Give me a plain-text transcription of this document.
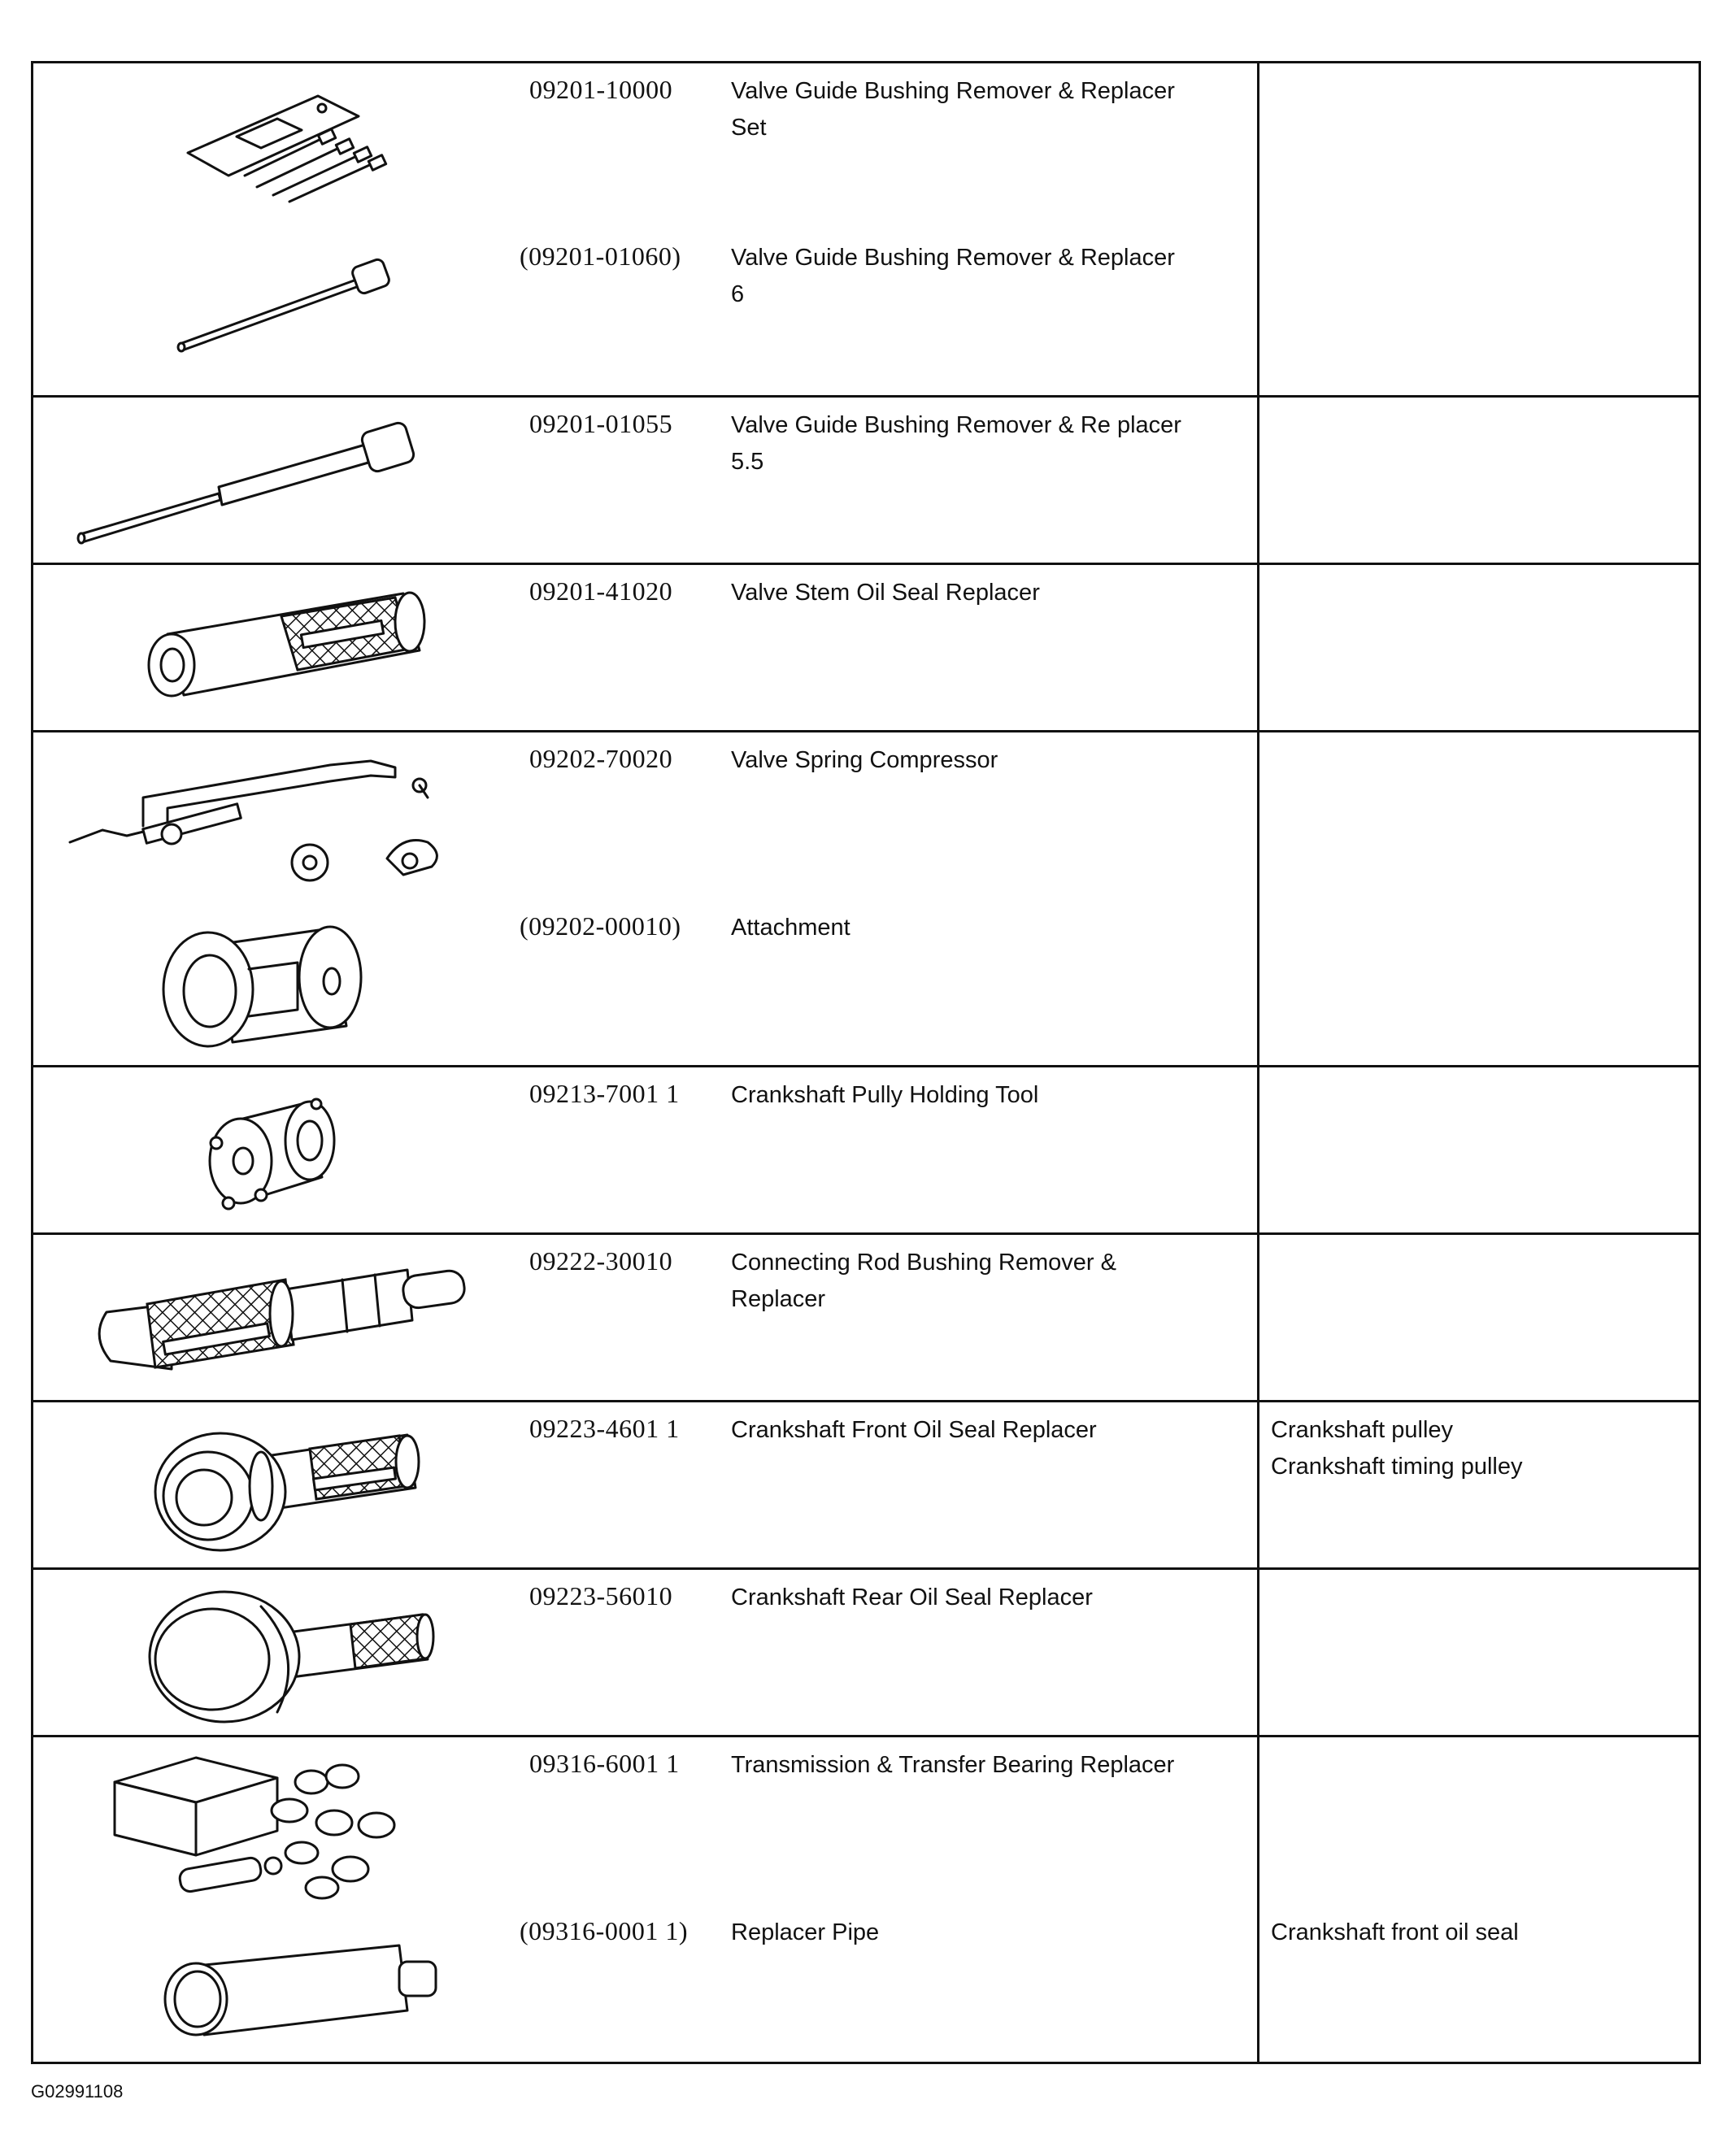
09201-10000 Valve Guide Bushing Remover & Replacer Set
(09201-01060) Valve Guide Bushing Remover & Replacer 6
09201-01055 Valve Guide Bushing Remover & Re placer 5.5
09201-41020 Valve Stem Oil Seal Replacer
09202-70020 Valve Spring Compressor
(09202-00010) Attachment
09213-7001 1 Crankshaft Pully Holding Tool
09222-30010 Connecting Rod Bushing Remover & Replacer
09223-4601 1 Crankshaft Front Oil Seal Replacer	Crankshaft pulley
Crankshaft timing pulley
09223-56010 Crankshaft Rear Oil Seal Replacer
09316-6001 1 Transmission & Transfer Bearing Replacer
(09316-0001 1) Replacer Pipe	Crankshaft front oil seal
G02991108
